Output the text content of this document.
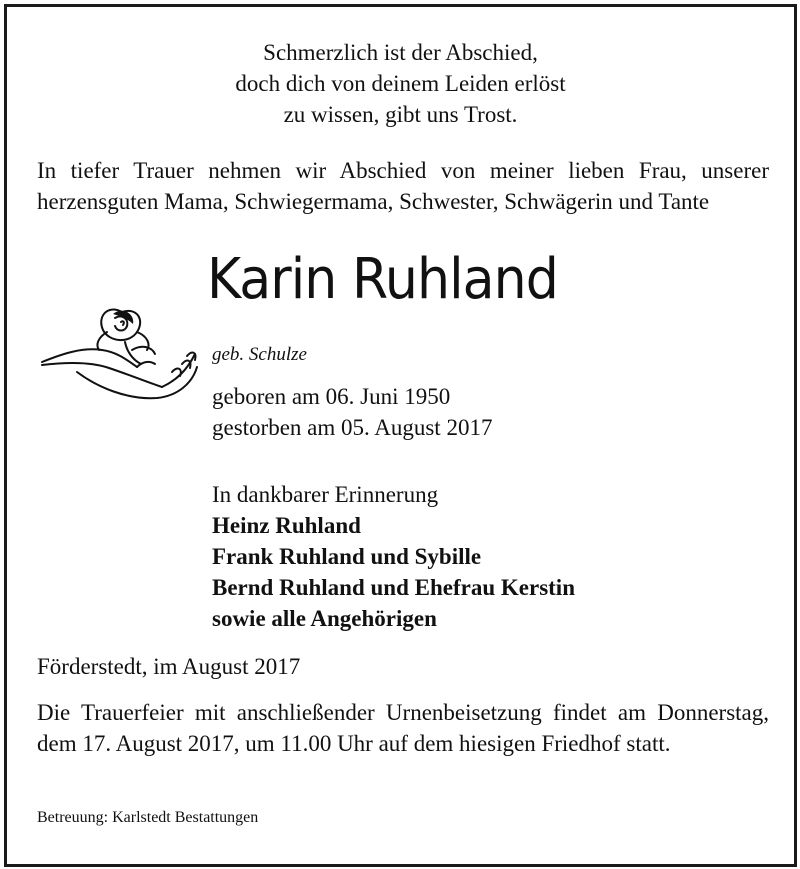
Schmerzlich ist der Abschied,
doch dich von deinem Leiden erlöst
zu wissen, gibt uns Trost.
In tiefer Trauer nehmen wir Abschied von meiner lieben Frau, unserer herzensguten Mama, Schwiegermama, Schwester, Schwägerin und Tante
Karin Ruhland
geb. Schulze
geboren am 06. Juni 1950
gestorben am 05. August 2017
In dankbarer Erinnerung
Heinz Ruhland
Frank Ruhland und Sybille
Bernd Ruhland und Ehefrau Kerstin
sowie alle Angehörigen
Förderstedt, im August 2017
Die Trauerfeier mit anschließender Urnenbeisetzung findet am Donnerstag, dem 17. August 2017, um 11.00 Uhr auf dem hiesigen Friedhof statt.
Betreuung: Karlstedt Bestattungen
